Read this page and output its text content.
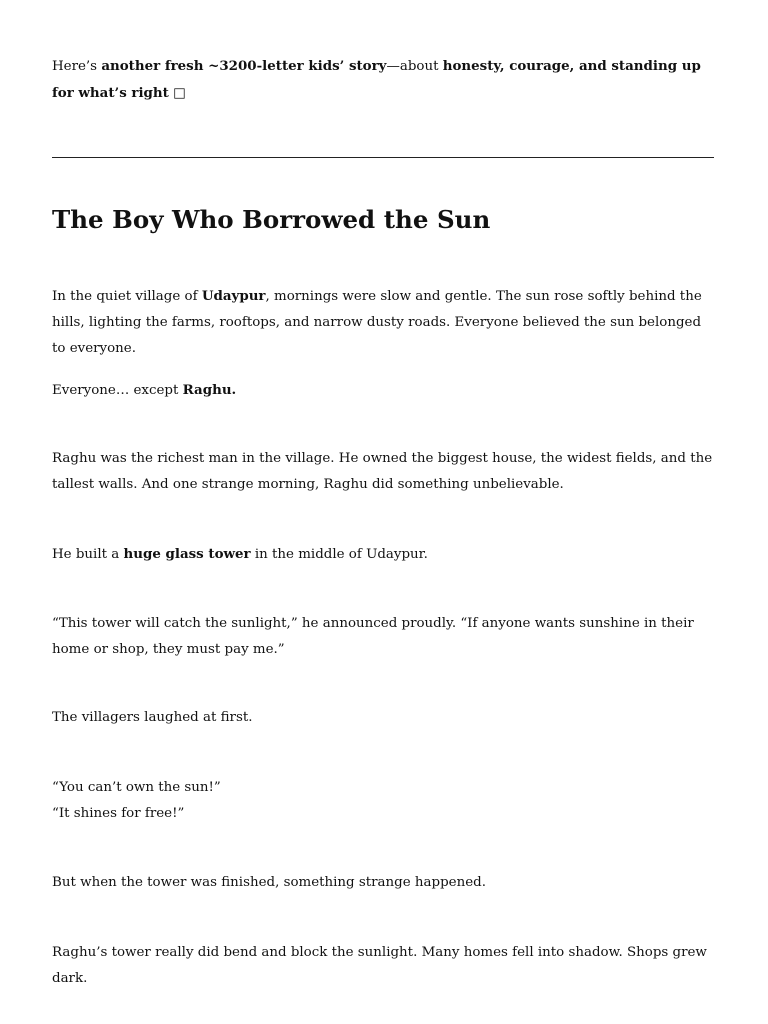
Here’s another fresh ~3200-letter kids’ story—about honesty, courage, and standing up for what’s right □

The Boy Who Borrowed the Sun

In the quiet village of Udaypur, mornings were slow and gentle. The sun rose softly behind the hills, lighting the farms, rooftops, and narrow dusty roads. Everyone believed the sun belonged to everyone.

Everyone… except Raghu.

Raghu was the richest man in the village. He owned the biggest house, the widest fields, and the tallest walls. And one strange morning, Raghu did something unbelievable.

He built a huge glass tower in the middle of Udaypur.

“This tower will catch the sunlight,” he announced proudly. “If anyone wants sunshine in their home or shop, they must pay me.”

The villagers laughed at first.

“You can’t own the sun!”
“It shines for free!”

But when the tower was finished, something strange happened.

Raghu’s tower really did bend and block the sunlight. Many homes fell into shadow. Shops grew dark.
